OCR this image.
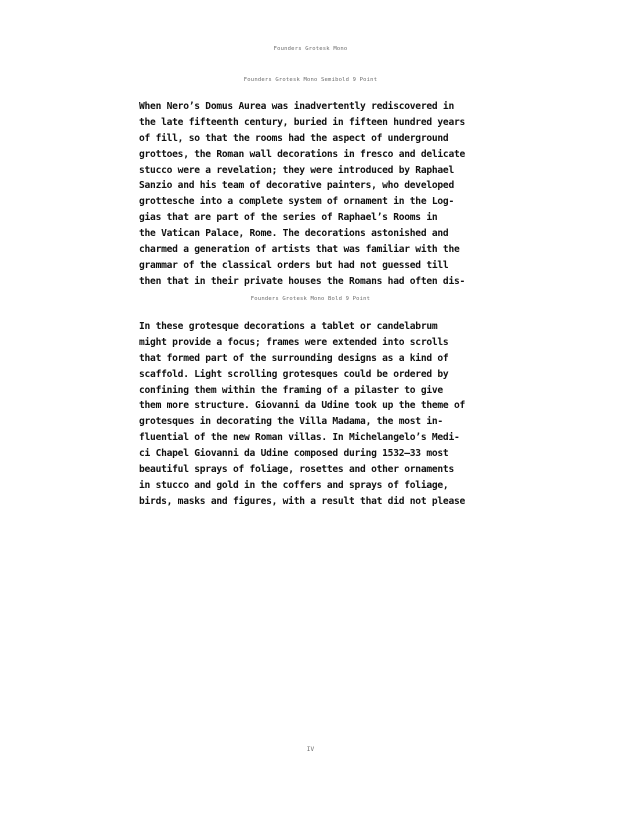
Founders Grotesk Mono
Founders Grotesk Mono Semibold 9 Point
When Nero’s Domus Aurea was inadvertently rediscovered in
the late fifteenth century, buried in fifteen hundred years
of fill, so that the rooms had the aspect of underground
grottoes, the Roman wall decorations in fresco and delicate
stucco were a revelation; they were introduced by Raphael
Sanzio and his team of decorative painters, who developed
grottesche into a complete system of ornament in the Log-
gias that are part of the series of Raphael’s Rooms in
the Vatican Palace, Rome. The decorations astonished and
charmed a generation of artists that was familiar with the
grammar of the classical orders but had not guessed till
then that in their private houses the Romans had often dis-
Founders Grotesk Mono Bold 9 Point
In these grotesque decorations a tablet or candelabrum
might provide a focus; frames were extended into scrolls
that formed part of the surrounding designs as a kind of
scaffold. Light scrolling grotesques could be ordered by
confining them within the framing of a pilaster to give
them more structure. Giovanni da Udine took up the theme of
grotesques in decorating the Villa Madama, the most in-
fluential of the new Roman villas. In Michelangelo’s Medi-
ci Chapel Giovanni da Udine composed during 1532–33 most
beautiful sprays of foliage, rosettes and other ornaments
in stucco and gold in the coffers and sprays of foliage,
birds, masks and figures, with a result that did not please
IV
